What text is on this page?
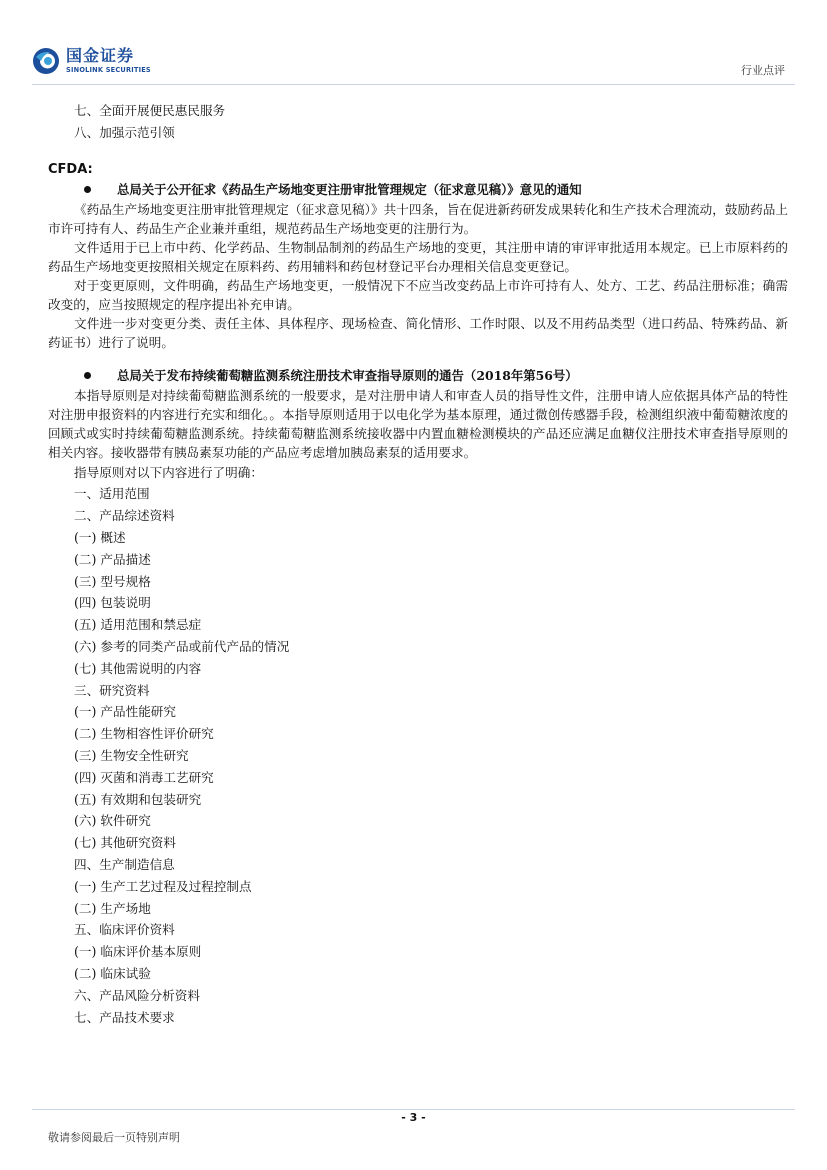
国金证券
SINOLINK SECURITIES	行业点评
七、全面开展便民惠民服务
八、加强示范引领
CFDA:
总局关于公开征求《药品生产场地变更注册审批管理规定（征求意见稿）》意见的通知

《药品生产场地变更注册审批管理规定（征求意见稿）》共十四条，旨在促进新药研发成果转化和生产技术合理流动，鼓励药品上市许可持有人、药品生产企业兼并重组，规范药品生产场地变更的注册行为。

文件适用于已上市中药、化学药品、生物制品制剂的药品生产场地的变更，其注册申请的审评审批适用本规定。已上市原料药的药品生产场地变更按照相关规定在原料药、药用辅料和药包材登记平台办理相关信息变更登记。

对于变更原则，文件明确，药品生产场地变更，一般情况下不应当改变药品上市许可持有人、处方、工艺、药品注册标准；确需改变的，应当按照规定的程序提出补充申请。

文件进一步对变更分类、责任主体、具体程序、现场检查、简化情形、工作时限、以及不用药品类型（进口药品、特殊药品、新药证书）进行了说明。

总局关于发布持续葡萄糖监测系统注册技术审查指导原则的通告（2018年第56号）

本指导原则是对持续葡萄糖监测系统的一般要求，是对注册申请人和审查人员的指导性文件，注册申请人应依据具体产品的特性对注册申报资料的内容进行充实和细化。。本指导原则适用于以电化学为基本原理，通过微创传感器手段，检测组织液中葡萄糖浓度的回顾式或实时持续葡萄糖监测系统。持续葡萄糖监测系统接收器中内置血糖检测模块的产品还应满足血糖仪注册技术审查指导原则的相关内容。接收器带有胰岛素泵功能的产品应考虑增加胰岛素泵的适用要求。

指导原则对以下内容进行了明确：
一、适用范围
二、产品综述资料
(一) 概述
(二) 产品描述
(三) 型号规格
(四) 包装说明
(五) 适用范围和禁忌症
(六) 参考的同类产品或前代产品的情况
(七) 其他需说明的内容
三、研究资料
(一) 产品性能研究
(二) 生物相容性评价研究
(三) 生物安全性研究
(四) 灭菌和消毒工艺研究
(五) 有效期和包装研究
(六) 软件研究
(七) 其他研究资料
四、生产制造信息
(一) 生产工艺过程及过程控制点
(二) 生产场地
五、临床评价资料
(一) 临床评价基本原则
(二) 临床试验
六、产品风险分析资料
七、产品技术要求
- 3 -
敬请参阅最后一页特别声明
